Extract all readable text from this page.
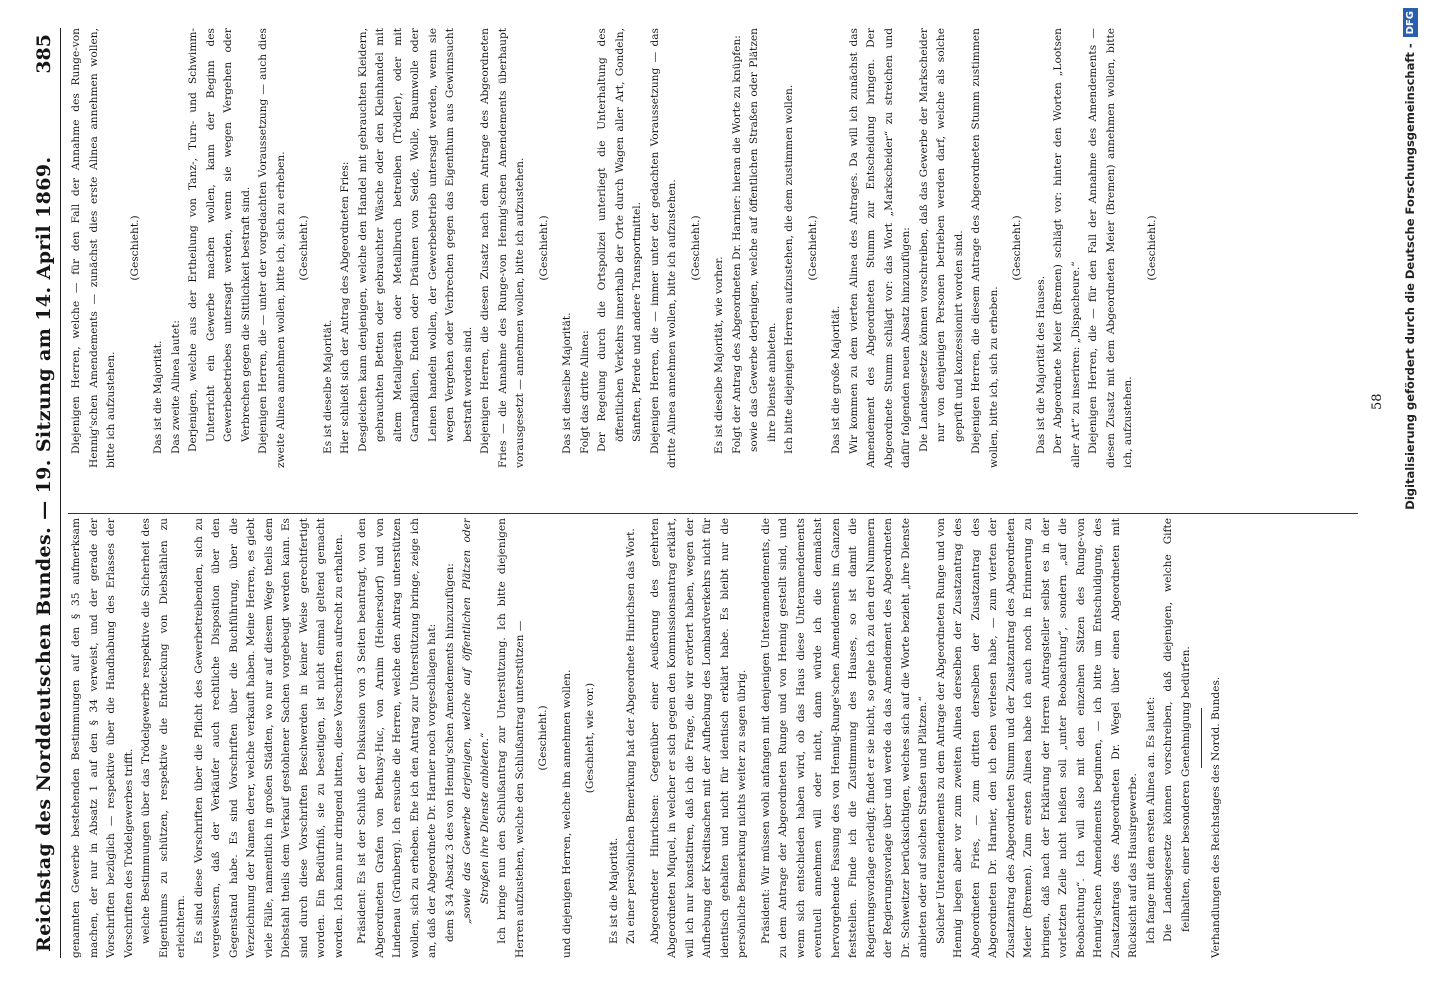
Reichstag des Norddeutschen Bundes. — 19. Sitzung am 14. April 1869.
385

genannten Gewerbe bestehenden Bestimmungen auf den § 35 aufmerksam machen, der nur in Absatz 1 auf den § 34 verweist, und der gerade der Vorschriften bezüglich — respektive über die Handhabung des Erlasses der Vorschriften des Trödelgewerbes trifft. welche Bestimmungen über das Trödelgewerbe respektive die Sicherheit des Eigenthums zu schützen, respektive die Entdeckung von Diebstählen zu erleichtern. Es sind diese Vorschriften über die Pflicht des Gewerbetreibenden, sich zu vergewissern, daß der Verkäufer auch rechtliche Disposition über den Gegenstand habe. Es sind Vorschriften über die Buchführung, über die Verzeichnung der Namen derer, welche verkauft haben. Meine Herren, es giebt viele Fälle, namentlich in großen Städten, wo nur auf diesem Wege theils dem Diebstahl theils dem Verkauf gestohlener Sachen vorgebeugt werden kann. Es sind durch diese Vorschriften Beschwerden in keiner Weise gerechtfertigt worden. Ein Bedürfniß, sie zu beseitigen, ist nicht einmal geltend gemacht worden. Ich kann nur dringend bitten, diese Vorschriften aufrecht zu erhalten.	Präsident: Es ist der Schluß der Diskussion von 3 Seiten beantragt, von den Abgeordneten Grafen von Bethusy-Huc, von Arnim (Heinersdorf) und von Lindenau (Grünberg). Ich ersuche die Herren, welche den Antrag unterstützen wollen, sich zu erheben. Ehe ich den Antrag zur Unterstützung bringe, zeige ich an, daß der Abgeordnete Dr. Harnier noch vorgeschlagen hat: dem § 34 Absatz 3 des von Hennig'schen Amendements hinzuzufügen: „sowie das Gewerbe derjenigen, welche auf öffentlichen Plätzen oder Straßen ihre Dienste anbieten.“ Ich bringe nun den Schlußantrag zur Unterstützung. Ich bitte diejenigen Herren aufzustehen, welche den Schlußantrag unterstützen —	(Geschieht.)	und diejenigen Herren, welche ihn annehmen wollen.	(Geschieht, wie vor.)

Es ist die Majorität. Zu einer persönlichen Bemerkung hat der Abgeordnete Hinrichsen das Wort.	Abgeordneter Hinrichsen: Gegenüber einer Aeußerung des geehrten Abgeordneten Miquel, in welcher er sich gegen den Kommissionsantrag erklärt, will ich nur konstatiren, daß ich die Frage, die wir erörtert haben, wegen der Aufhebung der Kreditsachen mit der Aufhebung des Lombardverkehrs nicht für identisch gehalten und nicht für identisch erklärt habe. Es bleibt nur die persönliche Bemerkung nichts weiter zu sagen übrig.	Präsident: Wir müssen wohl anfangen mit denjenigen Unteramendements, die zu dem Antrage der Abgeordneten Runge und von Hennig gestellt sind, und wenn sich entschieden haben wird, ob das Haus diese Unteramendements eventuell annehmen will oder nicht, dann würde ich die demnächst hervorgehende Fassung des von Hennig-Runge'schen Amendements im Ganzen feststellen. Finde ich die Zustimmung des Hauses, so ist damit die Regierungsvorlage erledigt; findet er sie nicht, so gehe ich zu den drei Nummern der Regierungsvorlage über und werde da das Amendement des Abgeordneten Dr. Schweitzer berücksichtigen, welches sich auf die Worte bezieht „ihre Dienste anbieten oder auf solchen Straßen und Plätzen.“ Solcher Unteramendements zu dem Antrage der Abgeordneten Runge und von Hennig liegen aber vor zum zweiten Alinea derselben der Zusatzantrag des Abgeordneten Fries, — zum dritten derselben der Zusatzantrag des Abgeordneten Dr. Harnier, den ich eben verlesen habe, — zum vierten der Zusatzantrag des Abgeordneten Stumm und der Zusatzantrag des Abgeordneten Meier (Bremen). Zum ersten Alinea habe ich auch noch in Erinnerung zu bringen, daß nach der Erklärung der Herren Antragsteller selbst es in der vorletzten Zeile nicht heißen soll „unter Beobachtung“, sondern „auf die Beobachtung“. Ich will also mit den einzelnen Sätzen des Runge-von Hennig'schen Amendements beginnen, — ich bitte um Entschuldigung, des Zusatzantrags des Abgeordneten Dr. Wegel über einen Abgeordneten mit Rücksicht auf das Hausirgewerbe. Ich fange mit dem ersten Alinea an. Es lautet: Die Landesgesetze können vorschreiben, daß diejenigen, welche Gifte feilhalten, einer besonderen Genehmigung bedürfen.	Verhandlungen des Reichstages des Nordd. Bundes.

Diejenigen Herren, welche — für den Fall der Annahme des Runge-von Hennig'schen Amendements — zunächst dies erste Alinea annehmen wollen, bitte ich aufzustehen.

(Geschieht.)

Das ist die Majorität. Das zweite Alinea lautet: Derjenigen, welche aus der Ertheilung von Tanz-, Turn- und Schwimm-Unterricht ein Gewerbe machen wollen, kann der Beginn des Gewerbebetriebes untersagt werden, wenn sie wegen Vergehen oder Verbrechen gegen die Sittlichkeit bestraft sind. Diejenigen Herren, die — unter der vorgedachten Voraussetzung — auch dies zweite Alinea annehmen wollen, bitte ich, sich zu erheben.	(Geschieht.)

Es ist dieselbe Majorität. Hier schließt sich der Antrag des Abgeordneten Fries: Desgleichen kann denjenigen, welche den Handel mit gebrauchten Kleidern, gebrauchten Betten oder gebrauchter Wäsche oder den Kleinhandel mit altem Metallgeräth oder Metallbruch betreiben (Trödler), oder mit Garnabfällen, Enden oder Dräumen von Seide, Wolle, Baumwolle oder Leinen handeln wollen, der Gewerbebetrieb untersagt werden, wenn sie wegen Vergehen oder Verbrechen gegen das Eigenthum aus Gewinnsucht bestraft worden sind. Diejenigen Herren, die diesen Zusatz nach dem Antrage des Abgeordneten Fries — die Annahme des Runge-von Hennig'schen Amendements überhaupt vorausgesetzt — annehmen wollen, bitte ich aufzustehen.	(Geschieht.)

Das ist dieselbe Majorität. Folgt das dritte Alinea: Der Regelung durch die Ortspolizei unterliegt die Unterhaltung des öffentlichen Verkehrs innerhalb der Orte durch Wagen aller Art, Gondeln, Sänften, Pferde und andere Transportmittel. Diejenigen Herren, die — immer unter der gedachten Voraussetzung — das dritte Alinea annehmen wollen, bitte ich aufzustehen.	(Geschieht.)

Es ist dieselbe Majorität, wie vorher. Folgt der Antrag des Abgeordneten Dr. Harnier: hieran die Worte zu knüpfen: sowie das Gewerbe derjenigen, welche auf öffentlichen Straßen oder Plätzen ihre Dienste anbieten. Ich bitte diejenigen Herren aufzustehen, die dem zustimmen wollen.	(Geschieht.)

Das ist die große Majorität. Wir kommen zu dem vierten Alinea des Antrages. Da will ich zunächst das Amendement des Abgeordneten Stumm zur Entscheidung bringen. Der Abgeordnete Stumm schlägt vor: das Wort „Markscheider“ zu streichen und dafür folgenden neuen Absatz hinzuzufügen: Die Landesgesetze können vorschreiben, daß das Gewerbe der Markscheider nur von denjenigen Personen betrieben werden darf, welche als solche geprüft und konzessionirt worden sind. Diejenigen Herren, die diesem Antrage des Abgeordneten Stumm zustimmen wollen, bitte ich, sich zu erheben.

(Geschieht.)

Das ist die Majorität des Hauses. Der Abgeordnete Meier (Bremen) schlägt vor: hinter den Worten „Lootsen aller Art“ zu inseriren: „Dispacheure.“ Diejenigen Herren, die — für den Fall der Annahme des Amendements — diesen Zusatz mit dem Abgeordneten Meier (Bremen) annehmen wollen, bitte ich, aufzustehen.

(Geschieht.)

58	Digitalisierung gefördert durch die Deutsche Forschungsgemeinschaft -
DFG
